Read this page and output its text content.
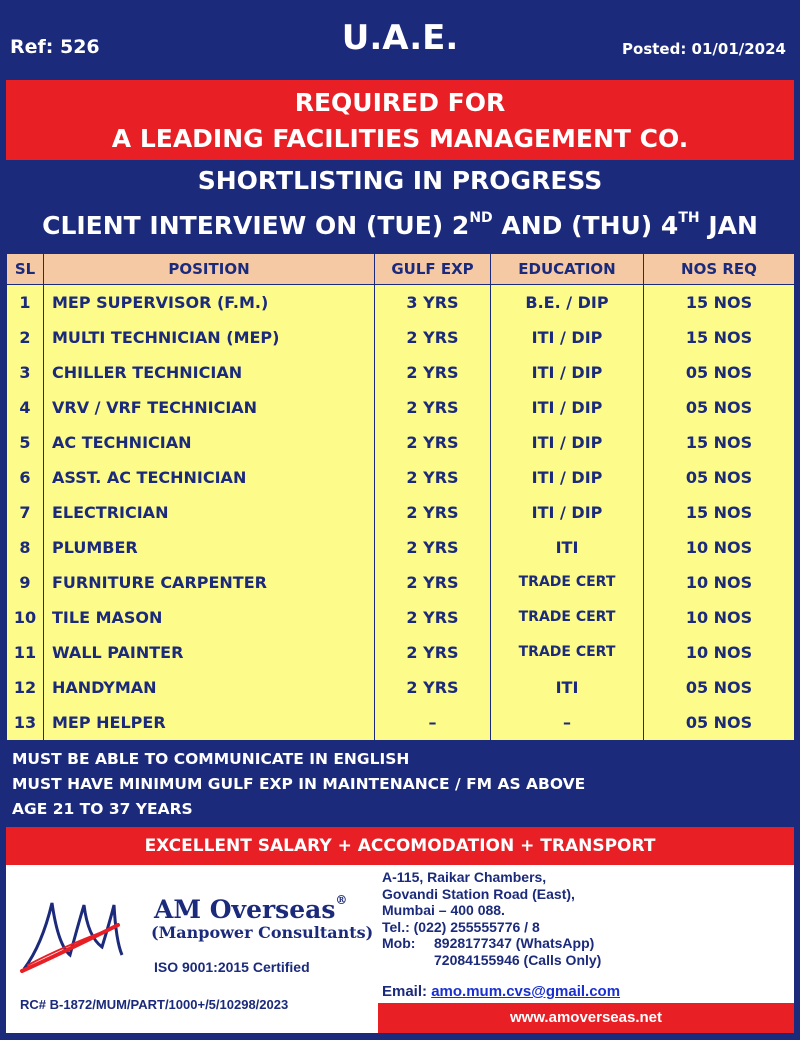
Ref: 526	U.A.E.	Posted: 01/01/2024
REQUIRED FOR
A LEADING FACILITIES MANAGEMENT CO.
SHORTLISTING IN PROGRESS
CLIENT INTERVIEW ON (TUE) 2ND AND (THU) 4TH JAN
SL	POSITION	GULF EXP	EDUCATION	NOS REQ
1	MEP SUPERVISOR (F.M.)	3 YRS	B.E. / DIP	15 NOS
2	MULTI TECHNICIAN (MEP)	2 YRS	ITI / DIP	15 NOS
3	CHILLER TECHNICIAN	2 YRS	ITI / DIP	05 NOS
4	VRV / VRF TECHNICIAN	2 YRS	ITI / DIP	05 NOS
5	AC TECHNICIAN	2 YRS	ITI / DIP	15 NOS
6	ASST. AC TECHNICIAN	2 YRS	ITI / DIP	05 NOS
7	ELECTRICIAN	2 YRS	ITI / DIP	15 NOS
8	PLUMBER	2 YRS	ITI	10 NOS
9	FURNITURE CARPENTER	2 YRS	TRADE CERT	10 NOS
10	TILE MASON	2 YRS	TRADE CERT	10 NOS
11	WALL PAINTER	2 YRS	TRADE CERT	10 NOS
12	HANDYMAN	2 YRS	ITI	05 NOS
13	MEP HELPER	–	–	05 NOS
MUST BE ABLE TO COMMUNICATE IN ENGLISH
MUST HAVE MINIMUM GULF EXP IN MAINTENANCE / FM AS ABOVE
AGE 21 TO 37 YEARS
EXCELLENT SALARY + ACCOMODATION + TRANSPORT
AM Overseas®
(Manpower Consultants)
ISO 9001:2015 Certified
RC# B-1872/MUM/PART/1000+/5/10298/2023
A-115, Raikar Chambers,
Govandi Station Road (East),
Mumbai – 400 088.
Tel.: (022) 255555776 / 8
Mob: 8928177347 (WhatsApp)
72084155946 (Calls Only)
Email: amo.mum.cvs@gmail.com
www.amoverseas.net
